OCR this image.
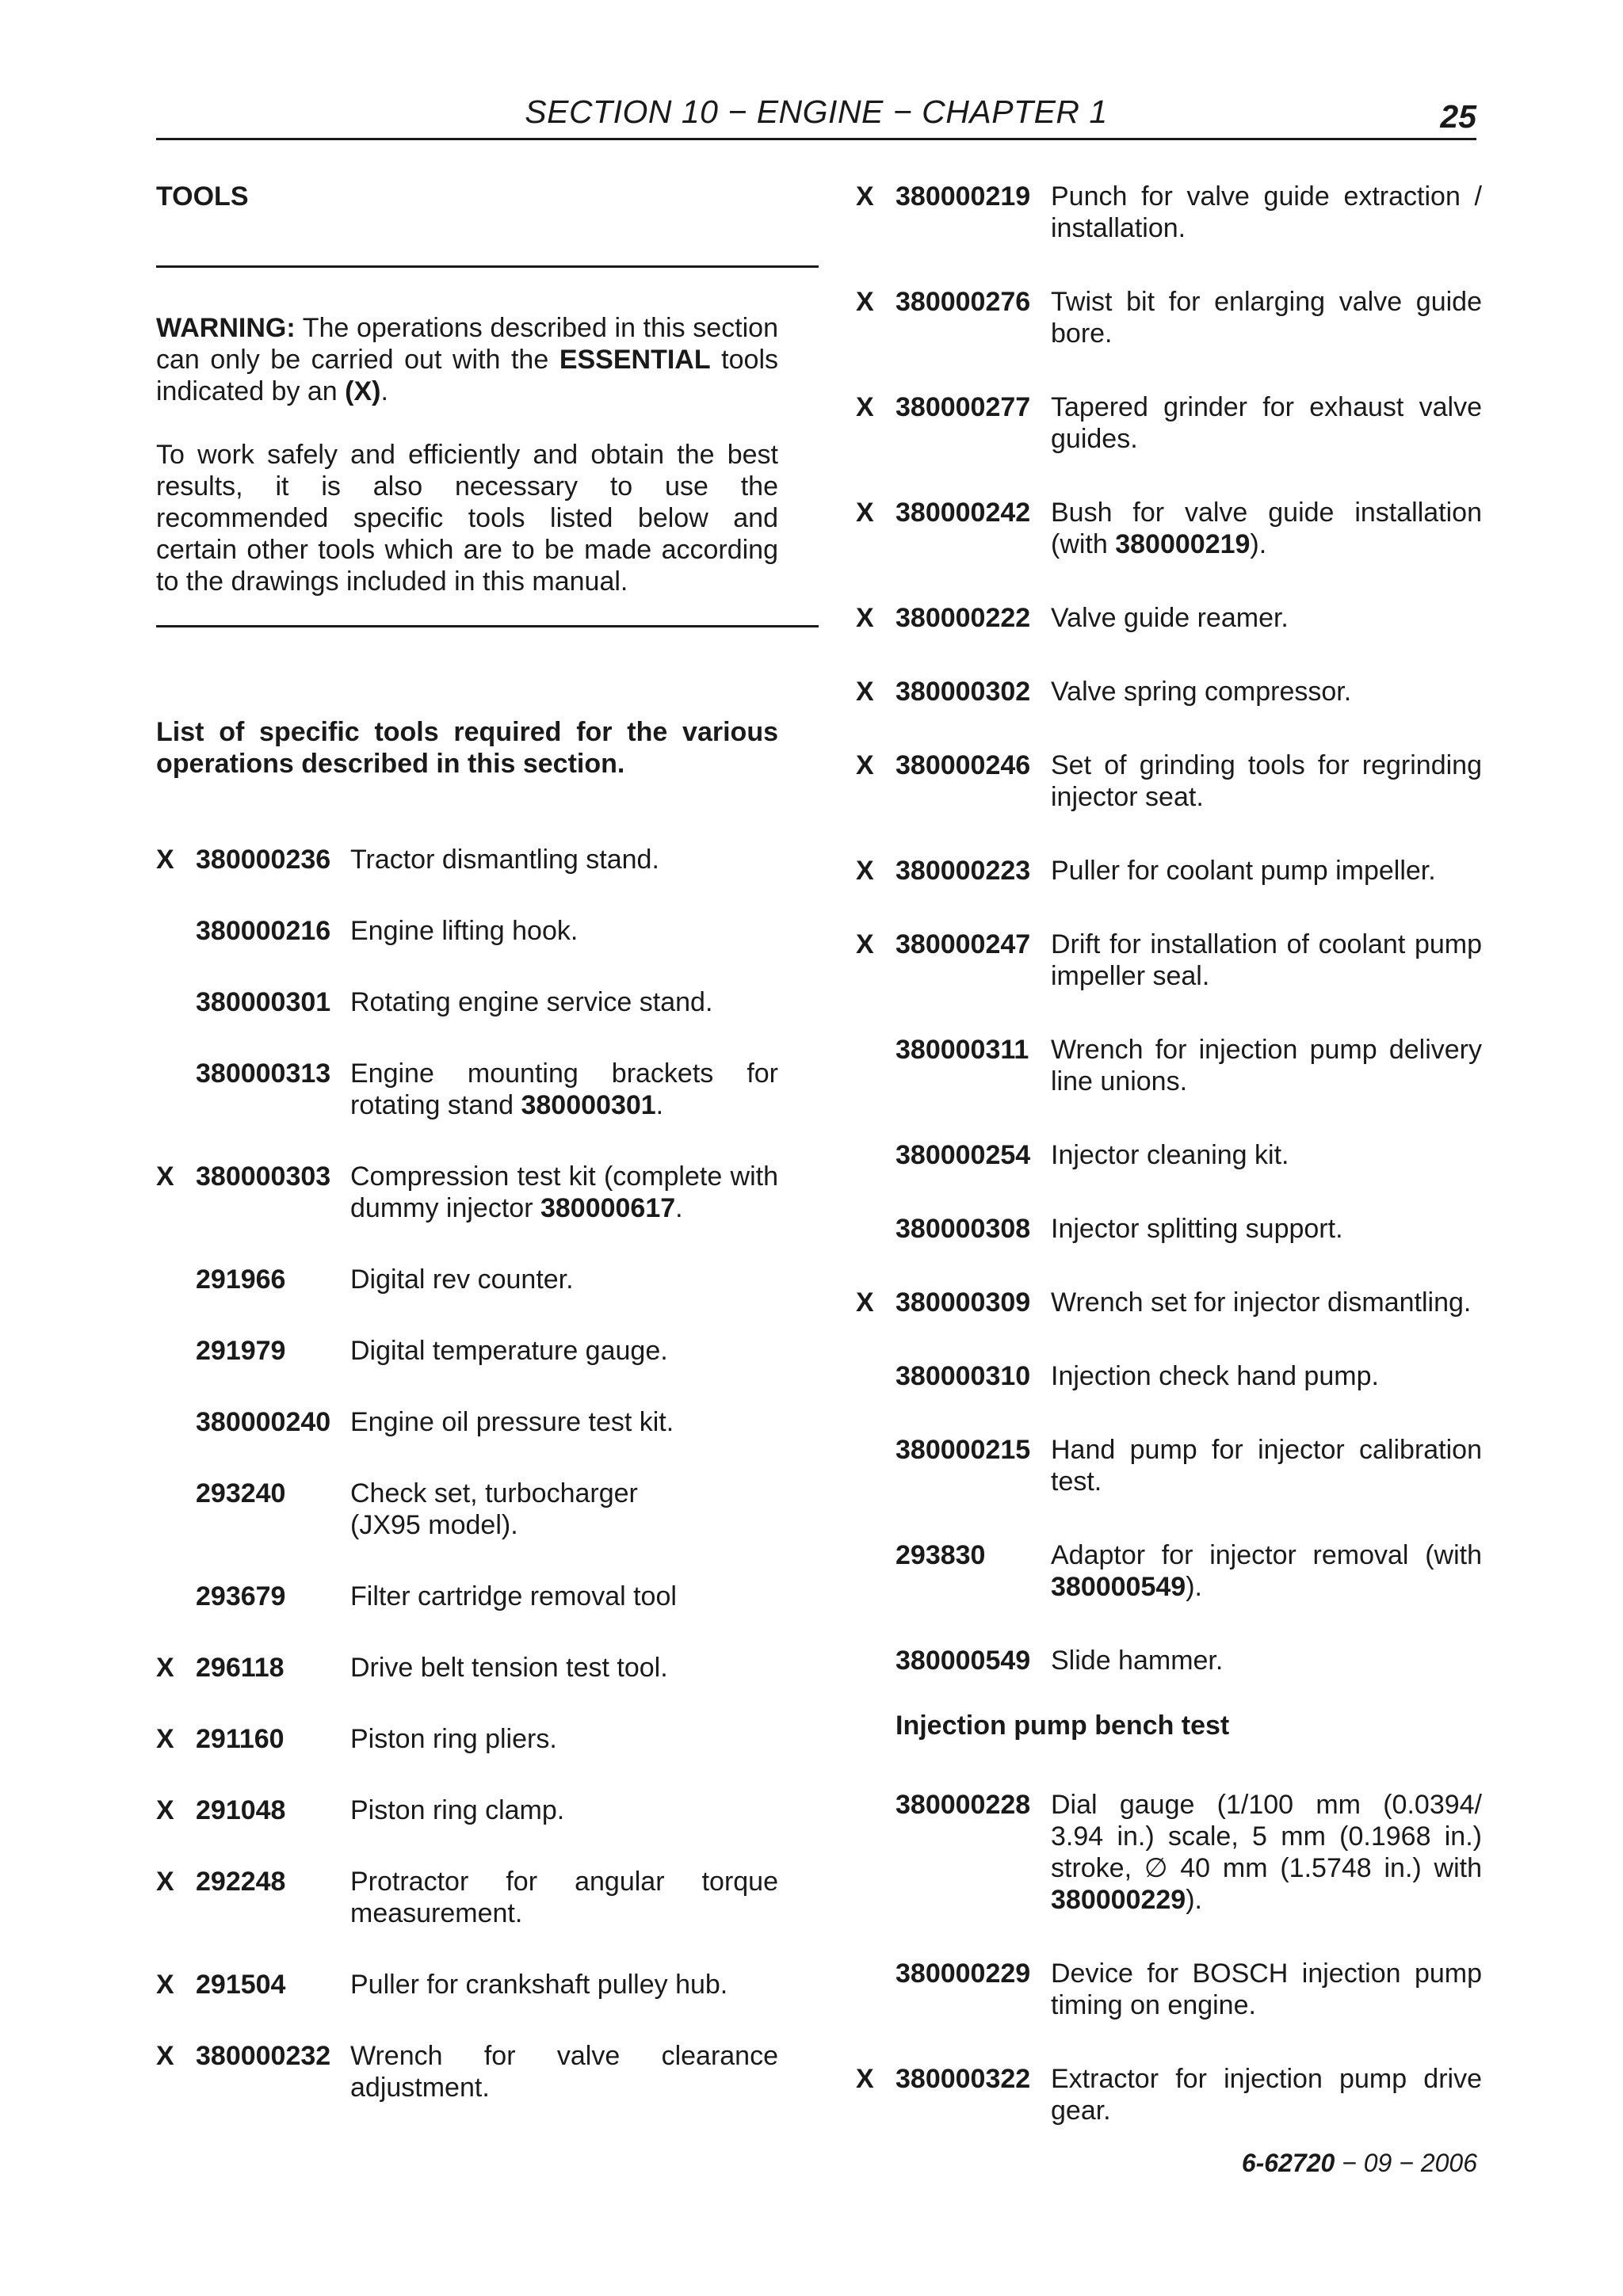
SECTION 10 − ENGINE − CHAPTER 1	25
TOOLS
WARNING: The operations described in this section can only be carried out with the ESSENTIAL tools indicated by an (X).
To work safely and efficiently and obtain the best results, it is also necessary to use the recommended specific tools listed below and certain other tools which are to be made according to the drawings included in this manual.
List of specific tools required for the various operations described in this section.
X 380000236 Tractor dismantling stand.
380000216 Engine lifting hook.
380000301 Rotating engine service stand.
380000313 Engine mounting brackets for rotating stand 380000301.
X 380000303 Compression test kit (complete with dummy injector 380000617.
291966 Digital rev counter.
291979 Digital temperature gauge.
380000240 Engine oil pressure test kit.
293240 Check set, turbocharger
(JX95 model).
293679 Filter cartridge removal tool
X 296118 Drive belt tension test tool.
X 291160 Piston ring pliers.
X 291048 Piston ring clamp.
X 292248 Protractor for angular torque measurement.
X 291504 Puller for crankshaft pulley hub.
X 380000232 Wrench for valve clearance adjustment.
X 380000219 Punch for valve guide extraction / installation.
X 380000276 Twist bit for enlarging valve guide bore.
X 380000277 Tapered grinder for exhaust valve guides.
X 380000242 Bush for valve guide installation (with 380000219).
X 380000222 Valve guide reamer.
X 380000302 Valve spring compressor.
X 380000246 Set of grinding tools for regrinding injector seat.
X 380000223 Puller for coolant pump impeller.
X 380000247 Drift for installation of coolant pump impeller seal.
380000311 Wrench for injection pump delivery line unions.
380000254 Injector cleaning kit.
380000308 Injector splitting support.
X 380000309 Wrench set for injector dismantling.
380000310 Injection check hand pump.
380000215 Hand pump for injector calibration test.
293830 Adaptor for injector removal (with 380000549).
380000549 Slide hammer.
Injection pump bench test
380000228 Dial gauge (1/100 mm (0.0394/ 3.94 in.) scale, 5 mm (0.1968 in.) stroke, ∅ 40 mm (1.5748 in.) with 380000229).
380000229 Device for BOSCH injection pump timing on engine.
X 380000322 Extractor for injection pump drive gear.
6-62720 − 09 − 2006
